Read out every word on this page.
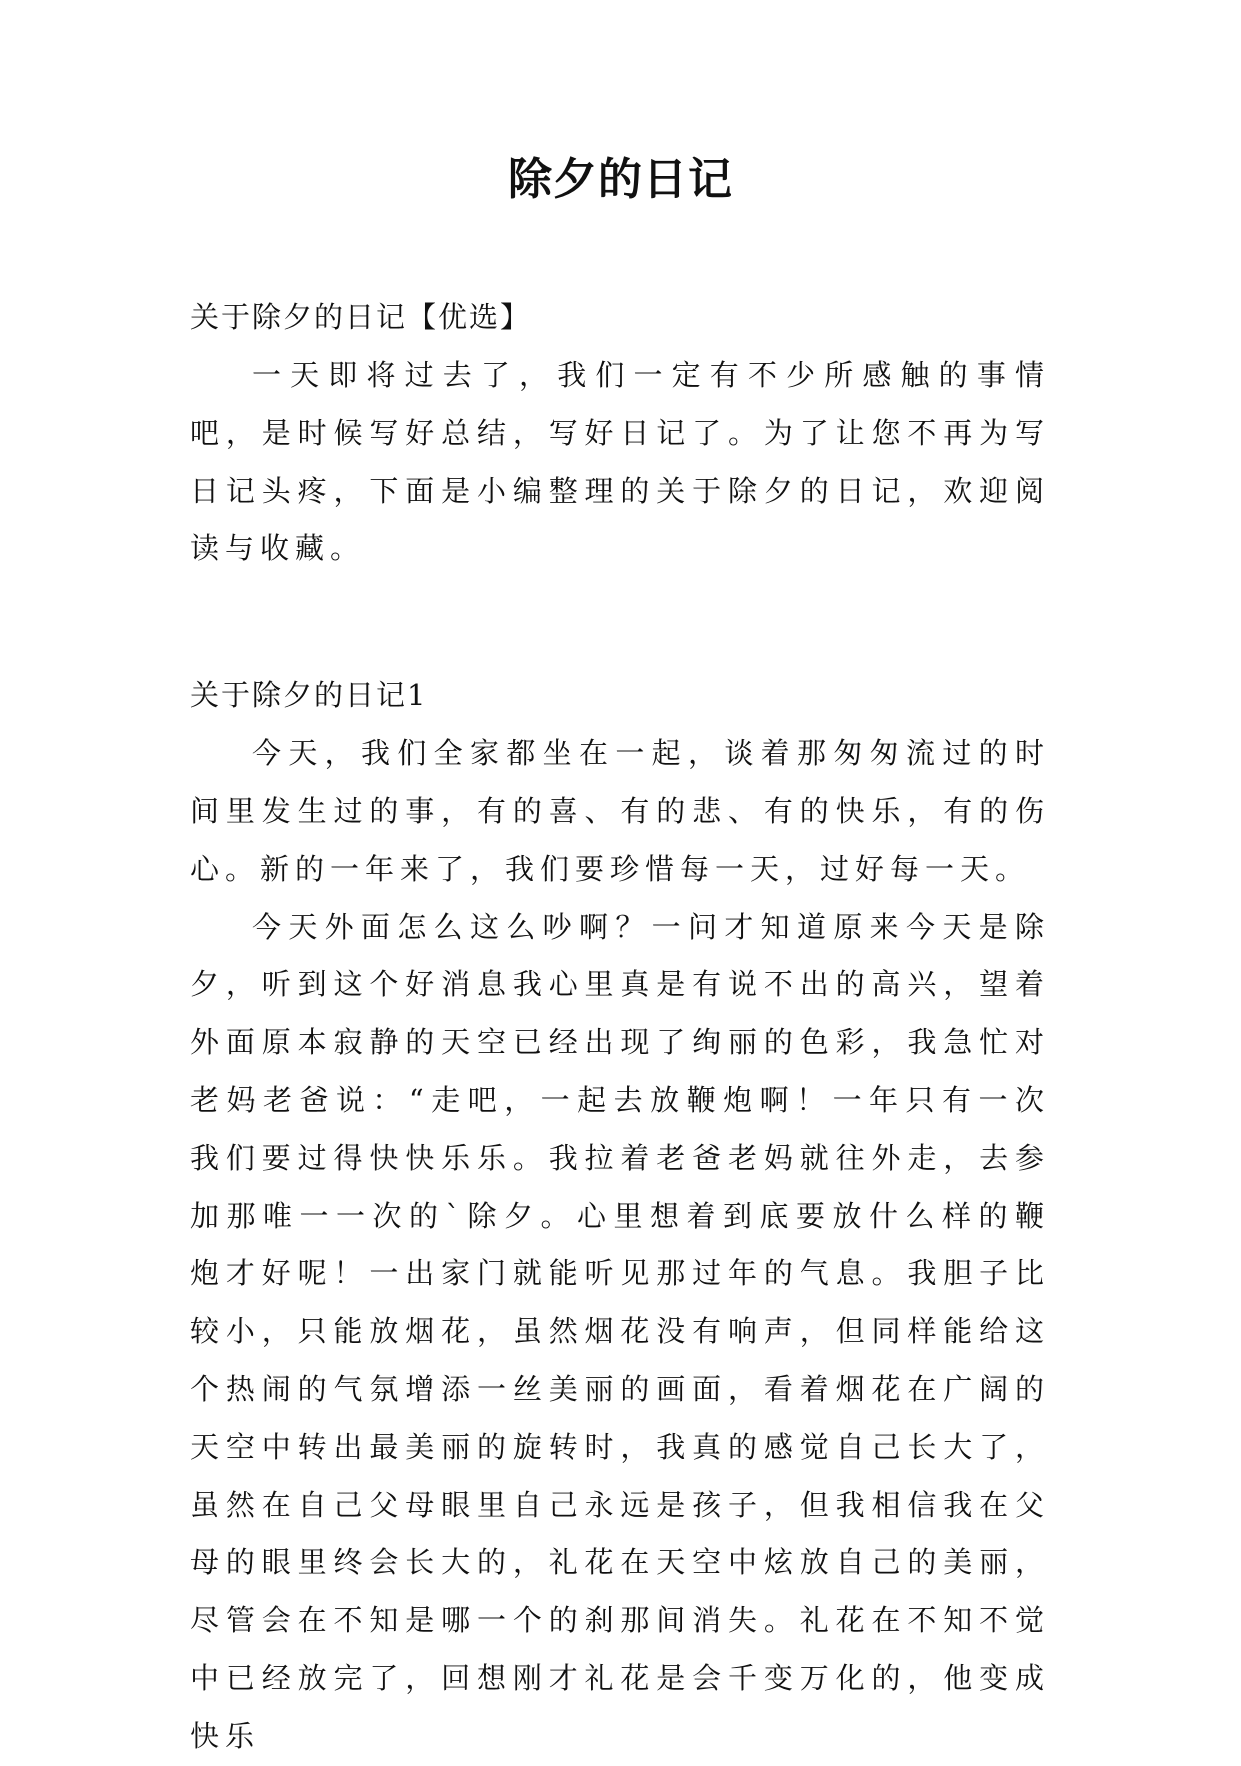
除夕的日记
关于除夕的日记【优选】

一天即将过去了，我们一定有不少所感触的事情吧，是时候写好总结，写好日记了。为了让您不再为写日记头疼，下面是小编整理的关于除夕的日记，欢迎阅读与收藏。

关于除夕的日记1

今天，我们全家都坐在一起，谈着那匆匆流过的时间里发生过的事，有的喜、有的悲、有的快乐，有的伤心。新的一年来了，我们要珍惜每一天，过好每一天。

今天外面怎么这么吵啊？一问才知道原来今天是除夕，听到这个好消息我心里真是有说不出的高兴，望着外面原本寂静的天空已经出现了绚丽的色彩，我急忙对老妈老爸说：“走吧，一起去放鞭炮啊！一年只有一次我们要过得快快乐乐。我拉着老爸老妈就往外走，去参加那唯一一次的`除夕。心里想着到底要放什么样的鞭炮才好呢！一出家门就能听见那过年的气息。我胆子比较小，只能放烟花，虽然烟花没有响声，但同样能给这个热闹的气氛增添一丝美丽的画面，看着烟花在广阔的天空中转出最美丽的旋转时，我真的感觉自己长大了，虽然在自己父母眼里自己永远是孩子，但我相信我在父母的眼里终会长大的，礼花在天空中炫放自己的美丽，尽管会在不知是哪一个的刹那间消失。礼花在不知不觉中已经放完了，回想刚才礼花是会千变万化的，他变成快乐
